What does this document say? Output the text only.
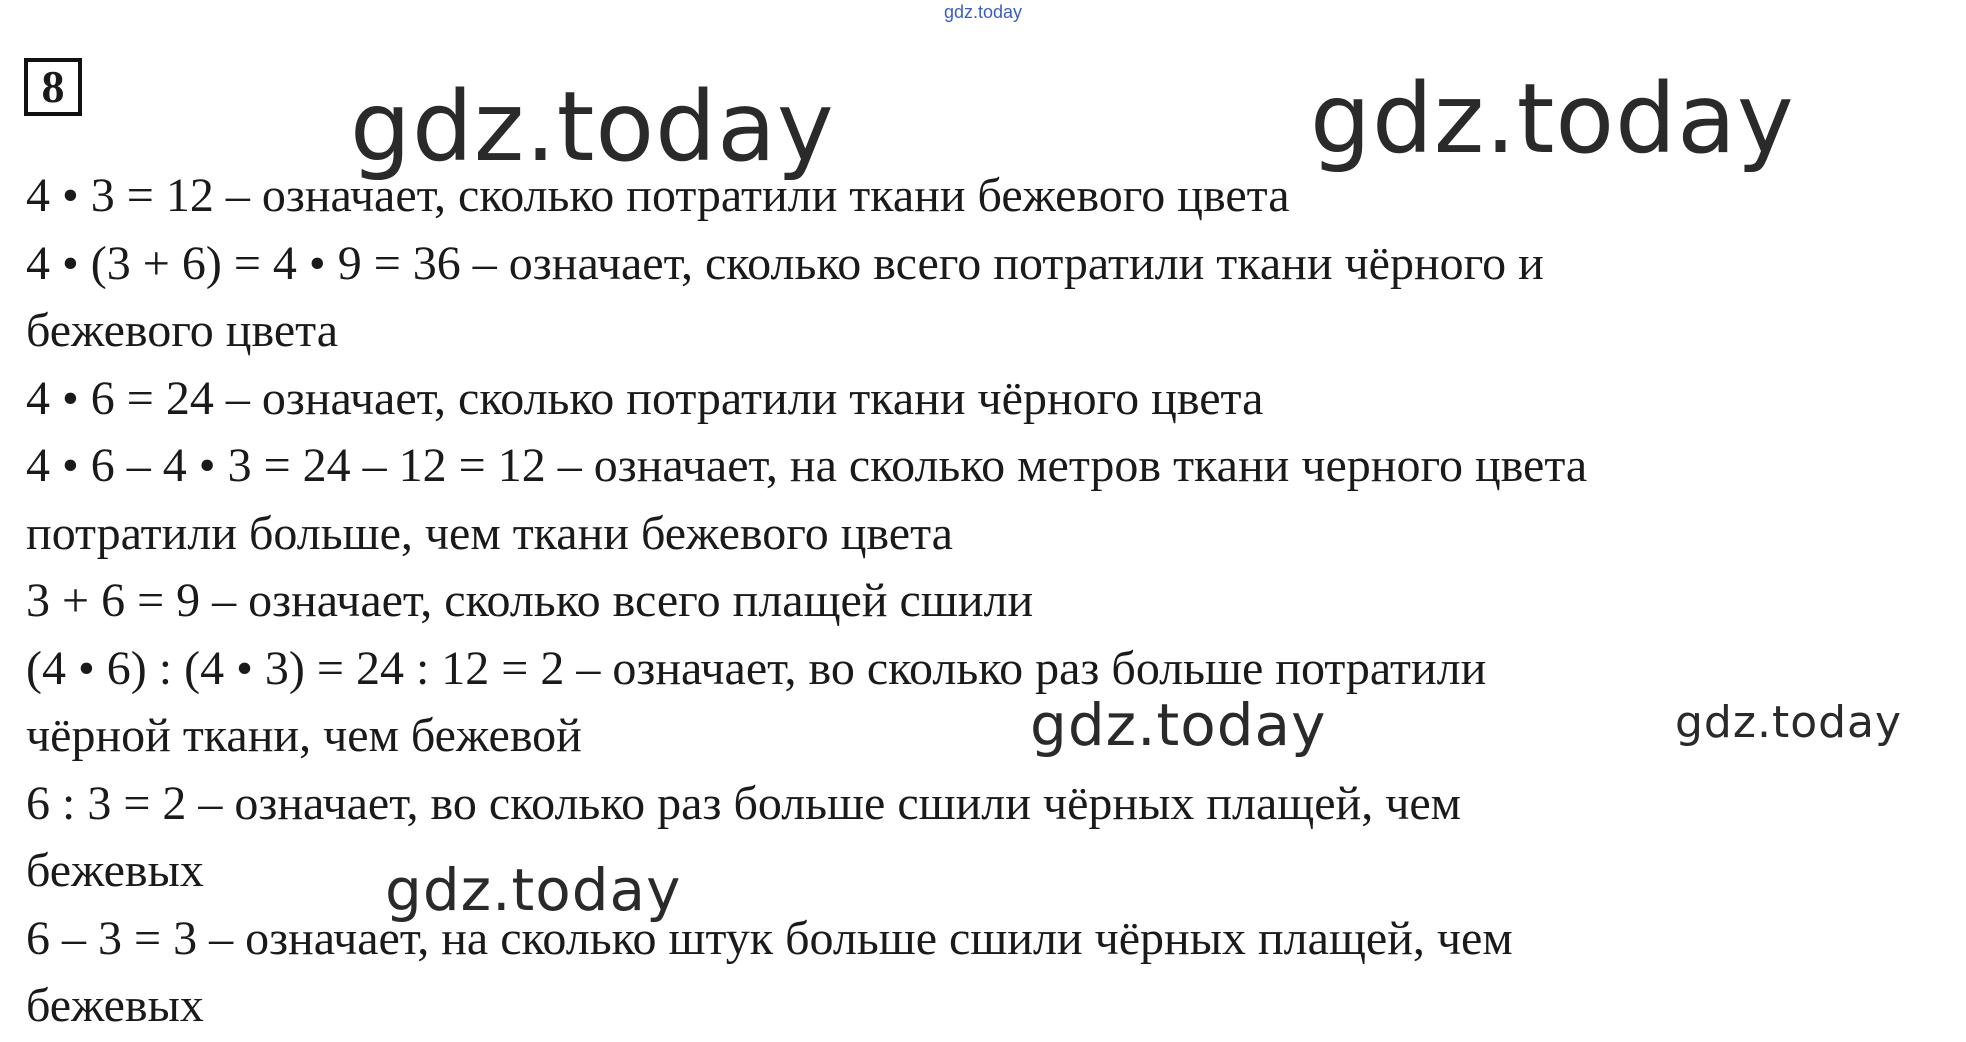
gdz.today
8	gdz.today	gdz.today
gdz.today	gdz.today
gdz.today
4 • 3 = 12 – означает, сколько потратили ткани бежевого цвета
4 • (3 + 6) = 4 • 9 = 36 – означает, сколько всего потратили ткани чёрного и
бежевого цвета
4 • 6 = 24 – означает, сколько потратили ткани чёрного цвета
4 • 6 – 4 • 3 = 24 – 12 = 12 – означает, на сколько метров ткани черного цвета
потратили больше, чем ткани бежевого цвета
3 + 6 = 9 – означает, сколько всего плащей сшили
(4 • 6) : (4 • 3) = 24 : 12 = 2 – означает, во сколько раз больше потратили
чёрной ткани, чем бежевой
6 : 3 = 2 – означает, во сколько раз больше сшили чёрных плащей, чем
бежевых
6 – 3 = 3 – означает, на сколько штук больше сшили чёрных плащей, чем
бежевых
